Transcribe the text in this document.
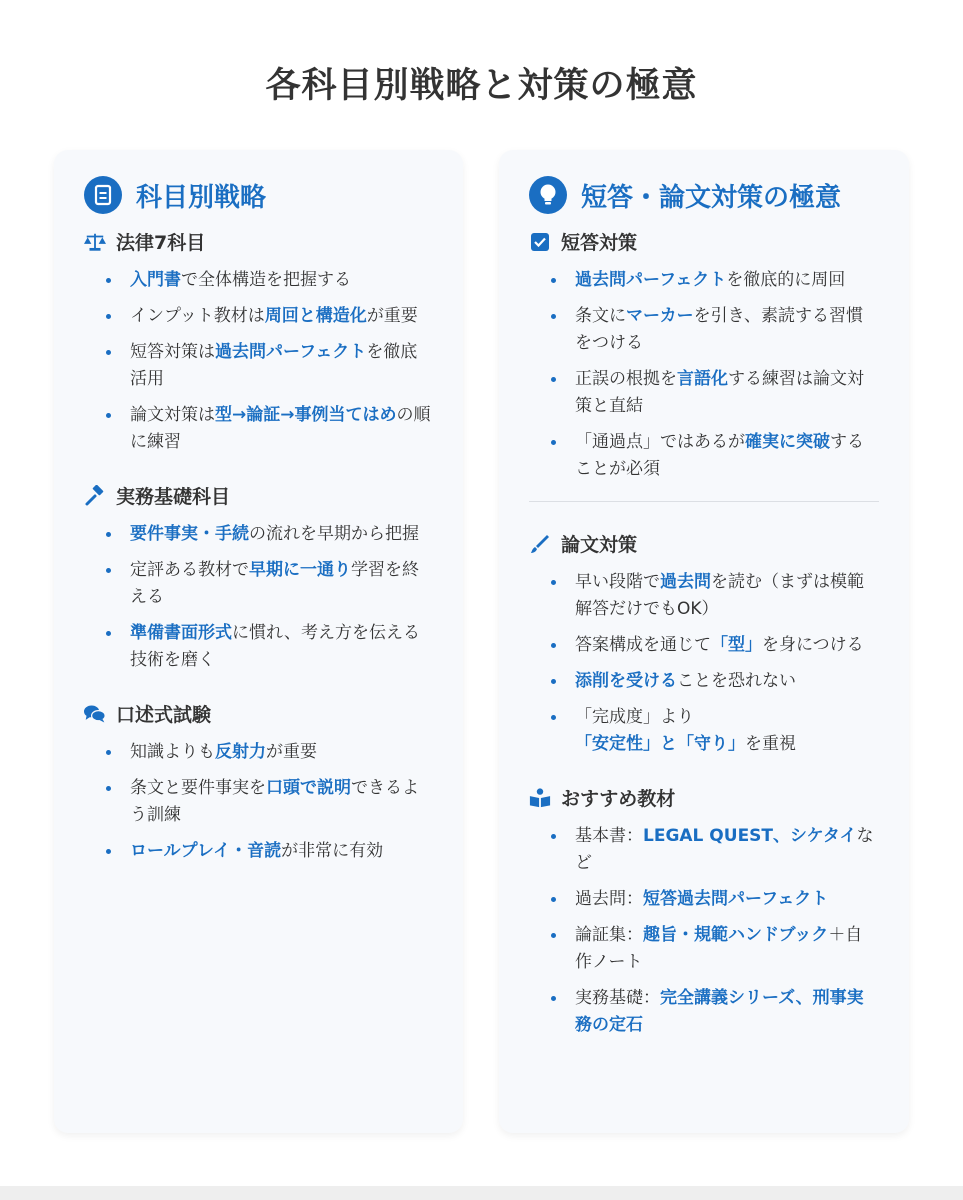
各科目別戦略と対策の極意
科目別戦略
法律7科目
入門書で全体構造を把握する
インプット教材は周回と構造化が重要
短答対策は過去問パーフェクトを徹底活用
論文対策は型→論証→事例当てはめの順に練習
実務基礎科目
要件事実・手続の流れを早期から把握
定評ある教材で早期に一通り学習を終える
準備書面形式に慣れ、考え方を伝える技術を磨く
口述式試験
知識よりも反射力が重要
条文と要件事実を口頭で説明できるよう訓練
ロールプレイ・音読が非常に有効
短答・論文対策の極意
短答対策
過去問パーフェクトを徹底的に周回
条文にマーカーを引き、素読する習慣をつける
正誤の根拠を言語化する練習は論文対策と直結
「通過点」ではあるが確実に突破することが必須
論文対策
早い段階で過去問を読む（まずは模範解答だけでもOK）
答案構成を通じて「型」を身につける
添削を受けることを恐れない
「完成度」より
「安定性」と「守り」を重視
おすすめ教材
基本書：LEGAL QUEST、シケタイなど
過去問：短答過去問パーフェクト
論証集：趣旨・規範ハンドブック＋自作ノート
実務基礎：完全講義シリーズ、刑事実務の定石
